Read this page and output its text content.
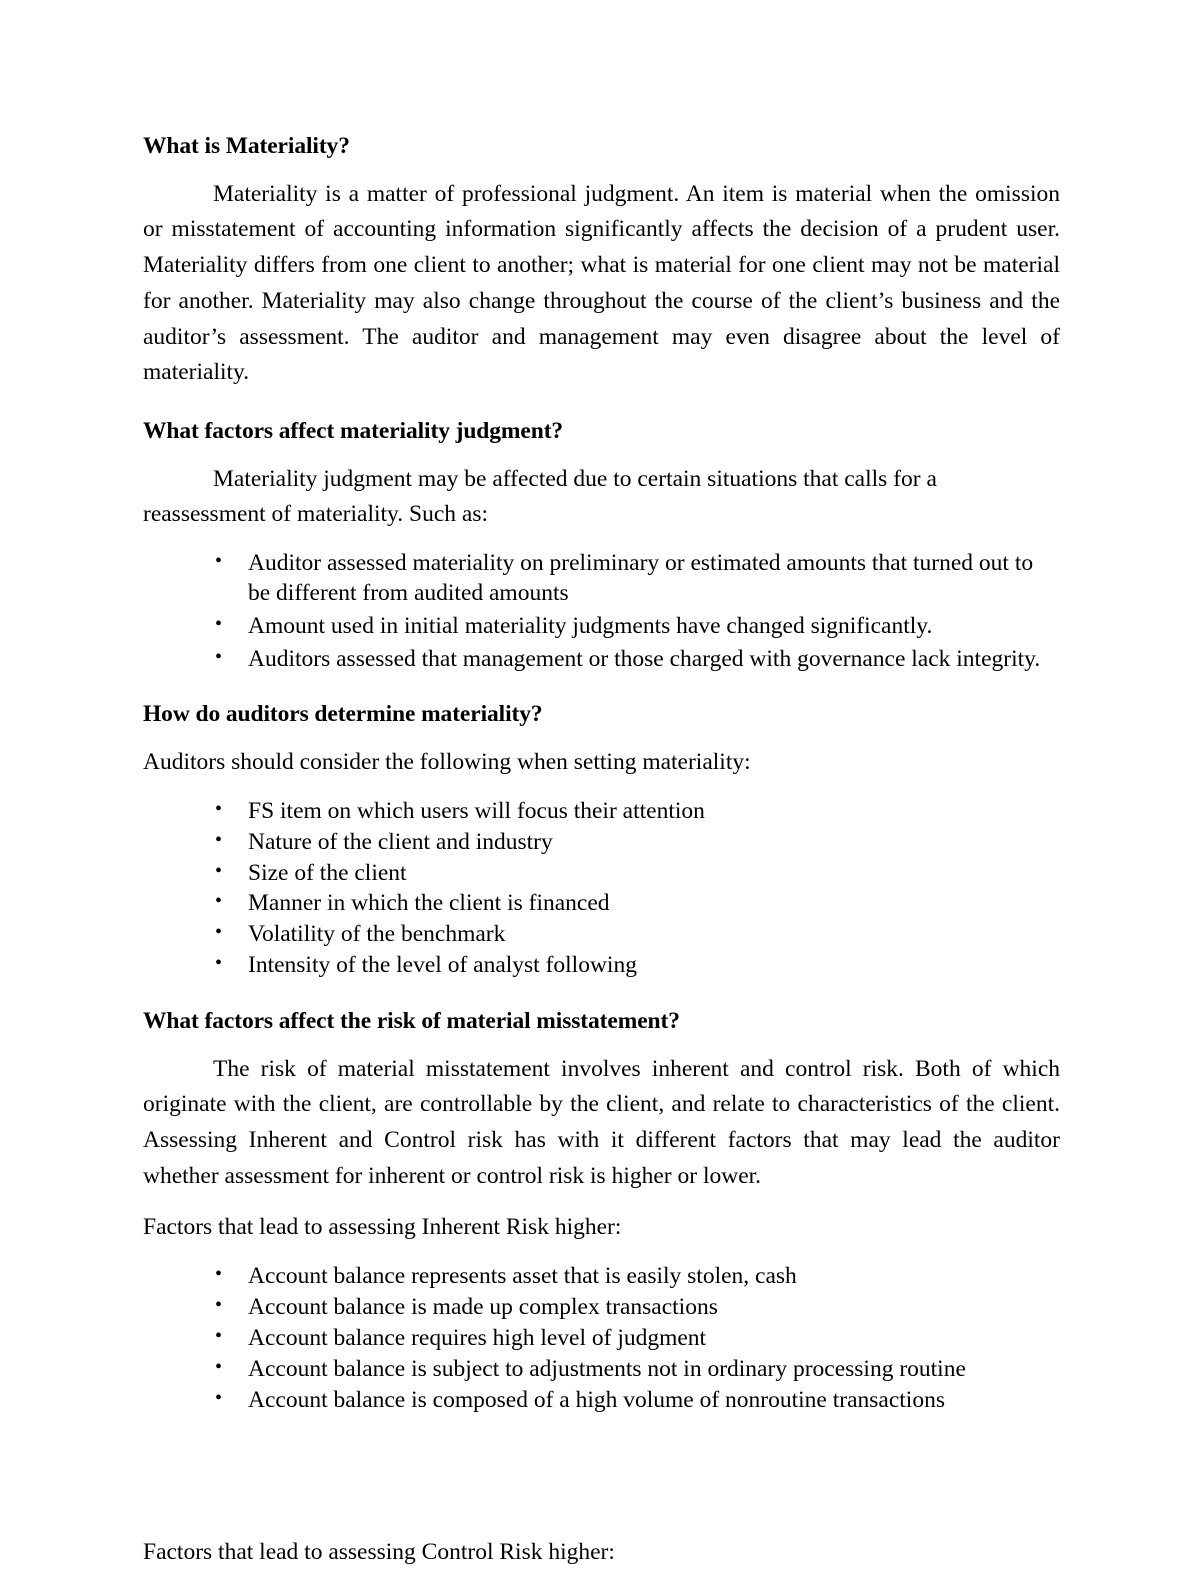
What is Materiality?

Materiality is a matter of professional judgment. An item is material when the omission or misstatement of accounting information significantly affects the decision of a prudent user. Materiality differs from one client to another; what is material for one client may not be material for another. Materiality may also change throughout the course of the client’s business and the auditor’s assessment. The auditor and management may even disagree about the level of materiality.

What factors affect materiality judgment?

Materiality judgment may be affected due to certain situations that calls for a reassessment of materiality. Such as:

• Auditor assessed materiality on preliminary or estimated amounts that turned out to be different from audited amounts
• Amount used in initial materiality judgments have changed significantly.
• Auditors assessed that management or those charged with governance lack integrity.
How do auditors determine materiality?

Auditors should consider the following when setting materiality:

• FS item on which users will focus their attention
• Nature of the client and industry
• Size of the client
• Manner in which the client is financed
• Volatility of the benchmark
• Intensity of the level of analyst following
What factors affect the risk of material misstatement?

The risk of material misstatement involves inherent and control risk. Both of which originate with the client, are controllable by the client, and relate to characteristics of the client. Assessing Inherent and Control risk has with it different factors that may lead the auditor whether assessment for inherent or control risk is higher or lower.

Factors that lead to assessing Inherent Risk higher:

• Account balance represents asset that is easily stolen, cash
• Account balance is made up complex transactions
• Account balance requires high level of judgment
• Account balance is subject to adjustments not in ordinary processing routine
• Account balance is composed of a high volume of nonroutine transactions

Factors that lead to assessing Control Risk higher:
